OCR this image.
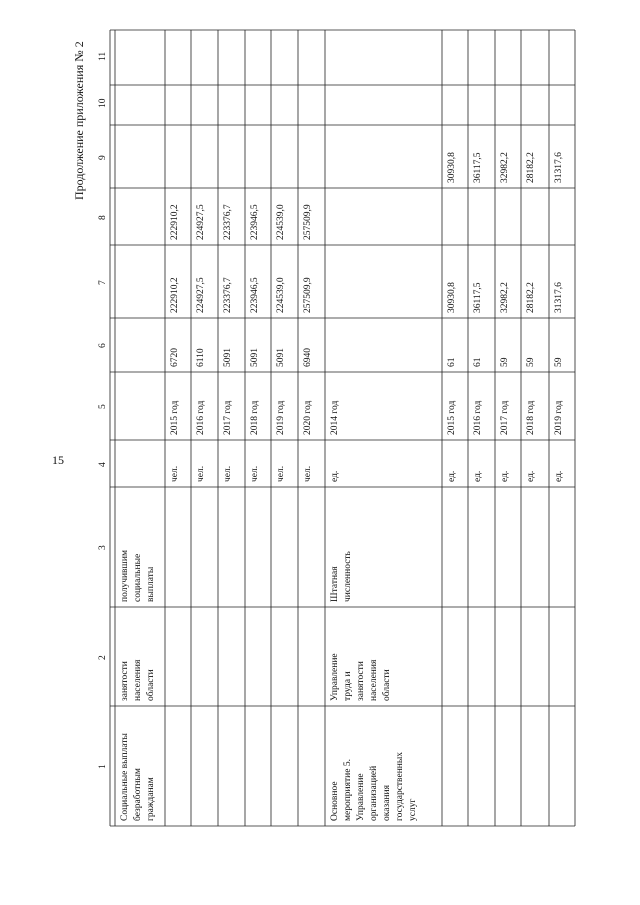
15
Продолжение приложения № 2
1
2
3
4
5
6
7
8
9
10
11
Социальные выплаты безработным гражданам
занятости населения области
получившим социальные выплаты
чел.
2015 год
6720
222910,2
222910,2
чел.
2016 год
6110
224927,5
224927,5
чел.
2017 год
5091
223376,7
223376,7
чел.
2018 год
5091
223946,5
223946,5
чел.
2019 год
5091
224539,0
224539,0
чел.
2020 год
6940
257509,9
257509,9
Основное мероприятие 5. Управление организацией оказания государственных услуг
Управление труда и занятости населения области
Штатная численность
ед.
2014 год
ед.
2015 год
61
30930,8
30930,8
ед.
2016 год
61
36117,5
36117,5
ед.
2017 год
59
32982,2
32982,2
ед.
2018 год
59
28182,2
28182,2
ед.
2019 год
59
31317,6
31317,6
